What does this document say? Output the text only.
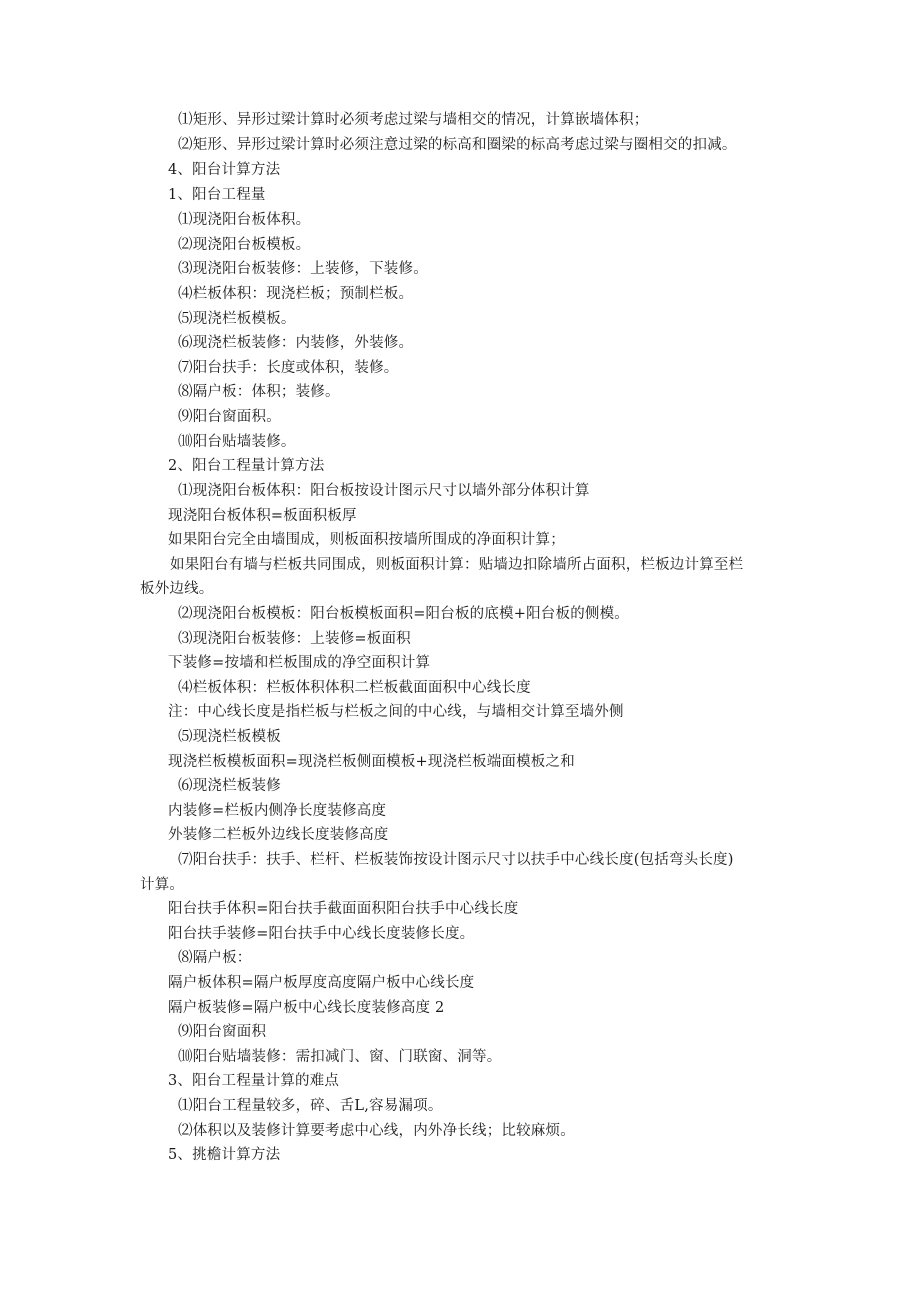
⑴矩形、异形过梁计算时必须考虑过梁与墙相交的情况，计算嵌墙体积；
⑵矩形、异形过梁计算时必须注意过梁的标高和圈梁的标高考虑过梁与圈相交的扣减。
4、阳台计算方法
1、阳台工程量
⑴现浇阳台板体积。
⑵现浇阳台板模板。
⑶现浇阳台板装修：上装修，下装修。
⑷栏板体积：现浇栏板；预制栏板。
⑸现浇栏板模板。
⑹现浇栏板装修：内装修，外装修。
⑺阳台扶手：长度或体积，装修。
⑻隔户板：体积；装修。
⑼阳台窗面积。
⑽阳台贴墙装修。
2、阳台工程量计算方法
⑴现浇阳台板体积：阳台板按设计图示尺寸以墙外部分体积计算
现浇阳台板体积=板面积板厚
如果阳台完全由墙围成，则板面积按墙所围成的净面积计算；
如果阳台有墙与栏板共同围成，则板面积计算：贴墙边扣除墙所占面积，栏板边计算至栏
板外边线。
⑵现浇阳台板模板：阳台板模板面积=阳台板的底模+阳台板的侧模。
⑶现浇阳台板装修：上装修=板面积
下装修=按墙和栏板围成的净空面积计算
⑷栏板体积：栏板体积体积二栏板截面面积中心线长度
注：中心线长度是指栏板与栏板之间的中心线，与墙相交计算至墙外侧
⑸现浇栏板模板
现浇栏板模板面积=现浇栏板侧面模板+现浇栏板端面模板之和
⑹现浇栏板装修
内装修=栏板内侧净长度装修高度
外装修二栏板外边线长度装修高度
⑺阳台扶手：扶手、栏杆、栏板装饰按设计图示尺寸以扶手中心线长度(包括弯头长度)
计算。
阳台扶手体积=阳台扶手截面面积阳台扶手中心线长度
阳台扶手装修=阳台扶手中心线长度装修长度。
⑻隔户板：
隔户板体积=隔户板厚度高度隔户板中心线长度
隔户板装修=隔户板中心线长度装修高度 2
⑼阳台窗面积
⑽阳台贴墙装修：需扣减门、窗、门联窗、洞等。
3、阳台工程量计算的难点
⑴阳台工程量较多，碎、舌L,容易漏项。
⑵体积以及装修计算要考虑中心线，内外净长线；比较麻烦。
5、挑檐计算方法
